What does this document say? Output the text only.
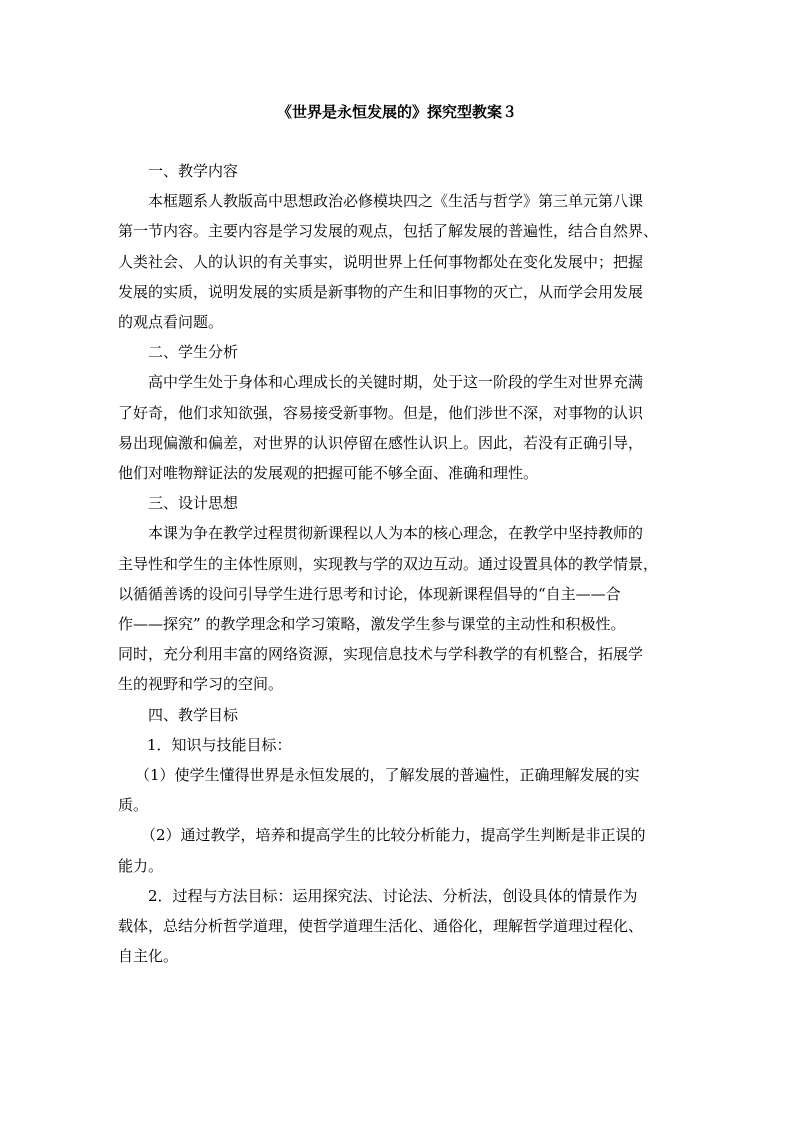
《世界是永恒发展的》探究型教案３
一、教学内容
本框题系人教版高中思想政治必修模块四之《生活与哲学》第三单元第八课
第一节内容。主要内容是学习发展的观点，包括了解发展的普遍性，结合自然界、
人类社会、人的认识的有关事实，说明世界上任何事物都处在变化发展中；把握
发展的实质，说明发展的实质是新事物的产生和旧事物的灭亡，从而学会用发展
的观点看问题。
二、学生分析
高中学生处于身体和心理成长的关键时期，处于这一阶段的学生对世界充满
了好奇，他们求知欲强，容易接受新事物。但是，他们涉世不深，对事物的认识
易出现偏激和偏差，对世界的认识停留在感性认识上。因此，若没有正确引导，
他们对唯物辩证法的发展观的把握可能不够全面、准确和理性。
三、设计思想
本课为争在教学过程贯彻新课程以人为本的核心理念，在教学中坚持教师的
主导性和学生的主体性原则，实现教与学的双边互动。通过设置具体的教学情景，
以循循善诱的设问引导学生进行思考和讨论，体现新课程倡导的“自主——合
作——探究” 的教学理念和学习策略，激发学生参与课堂的主动性和积极性。
同时，充分利用丰富的网络资源，实现信息技术与学科教学的有机整合，拓展学
生的视野和学习的空间。
四、教学目标
1．知识与技能目标：
（1）使学生懂得世界是永恒发展的，了解发展的普遍性，正确理解发展的实
质。
（2）通过教学，培养和提高学生的比较分析能力，提高学生判断是非正误的
能力。
2．过程与方法目标：运用探究法、讨论法、分析法，创设具体的情景作为
载体，总结分析哲学道理，使哲学道理生活化、通俗化，理解哲学道理过程化、
自主化。
